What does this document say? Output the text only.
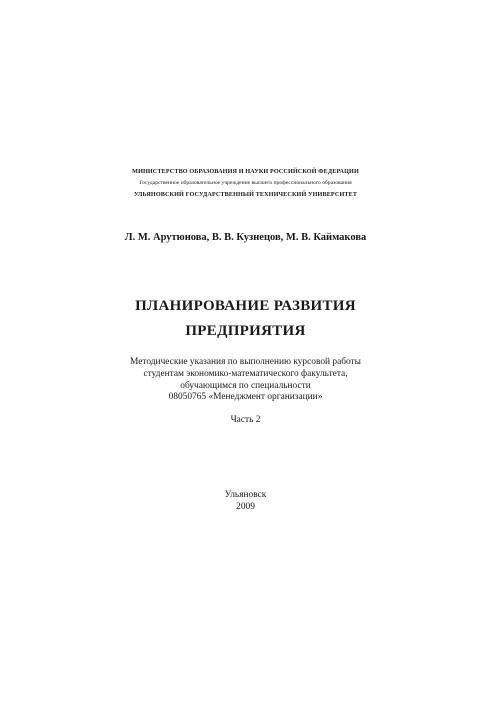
МИНИСТЕРСТВО ОБРАЗОВАНИЯ И НАУКИ РОССИЙСКОЙ ФЕДЕРАЦИИ
Государственное образовательное учреждение высшего профессионального образования
УЛЬЯНОВСКИЙ ГОСУДАРСТВЕННЫЙ ТЕХНИЧЕСКИЙ УНИВЕРСИТЕТ
Л. М. Арутюнова, В. В. Кузнецов, М. В. Каймакова
ПЛАНИРОВАНИЕ РАЗВИТИЯ
ПРЕДПРИЯТИЯ
Методические указания по выполнению курсовой работы
студентам экономико-математического факультета,
обучающимся по специальности
08050765 «Менеджмент организации»
Часть 2
Ульяновск
2009
